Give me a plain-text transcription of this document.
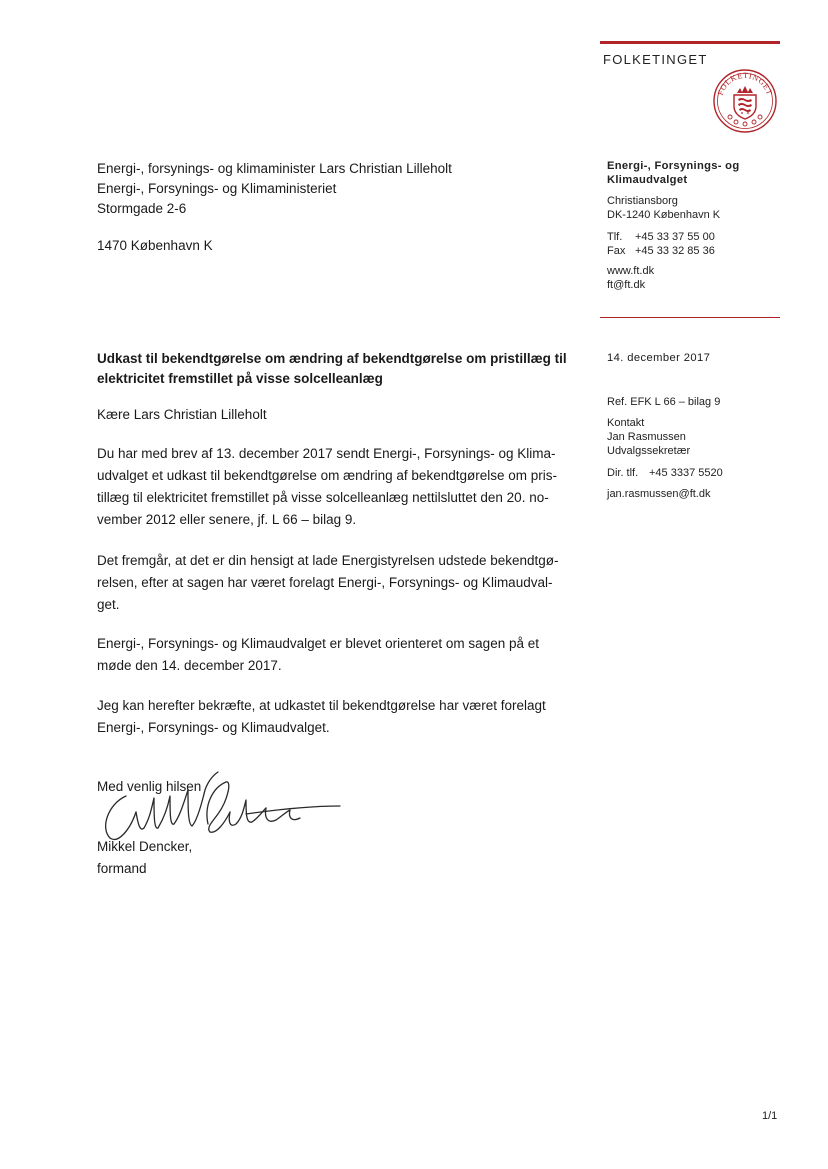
FOLKETINGET
FOLKETINGET
Energi-, forsynings- og klimaminister Lars Christian Lilleholt
Energi-, Forsynings- og Klimaministeriet
Stormgade 2-6
1470 København K
Energi-, Forsynings- og
Klimaudvalget
Christiansborg
DK-1240 København K
Tlf. +45 33 37 55 00
Fax +45 33 32 85 36
www.ft.dk
ft@ft.dk
14. december 2017
Ref. EFK L 66 – bilag 9
Kontakt
Jan Rasmussen
Udvalgssekretær
Dir. tlf. +45 3337 5520
jan.rasmussen@ft.dk
Udkast til bekendtgørelse om ændring af bekendtgørelse om pristillæg til
elektricitet fremstillet på visse solcelleanlæg
Kære Lars Christian Lilleholt
Du har med brev af 13. december 2017 sendt Energi-, Forsynings- og Klima-
udvalget et udkast til bekendtgørelse om ændring af bekendtgørelse om pris-
tillæg til elektricitet fremstillet på visse solcelleanlæg nettilsluttet den 20. no-
vember 2012 eller senere, jf. L 66 – bilag 9.
Det fremgår, at det er din hensigt at lade Energistyrelsen udstede bekendtgø-
relsen, efter at sagen har været forelagt Energi-, Forsynings- og Klimaudval-
get.
Energi-, Forsynings- og Klimaudvalget er blevet orienteret om sagen på et
møde den 14. december 2017.
Jeg kan herefter bekræfte, at udkastet til bekendtgørelse har været forelagt
Energi-, Forsynings- og Klimaudvalget.
Med venlig hilsen
Mikkel Dencker,
formand
1/1
